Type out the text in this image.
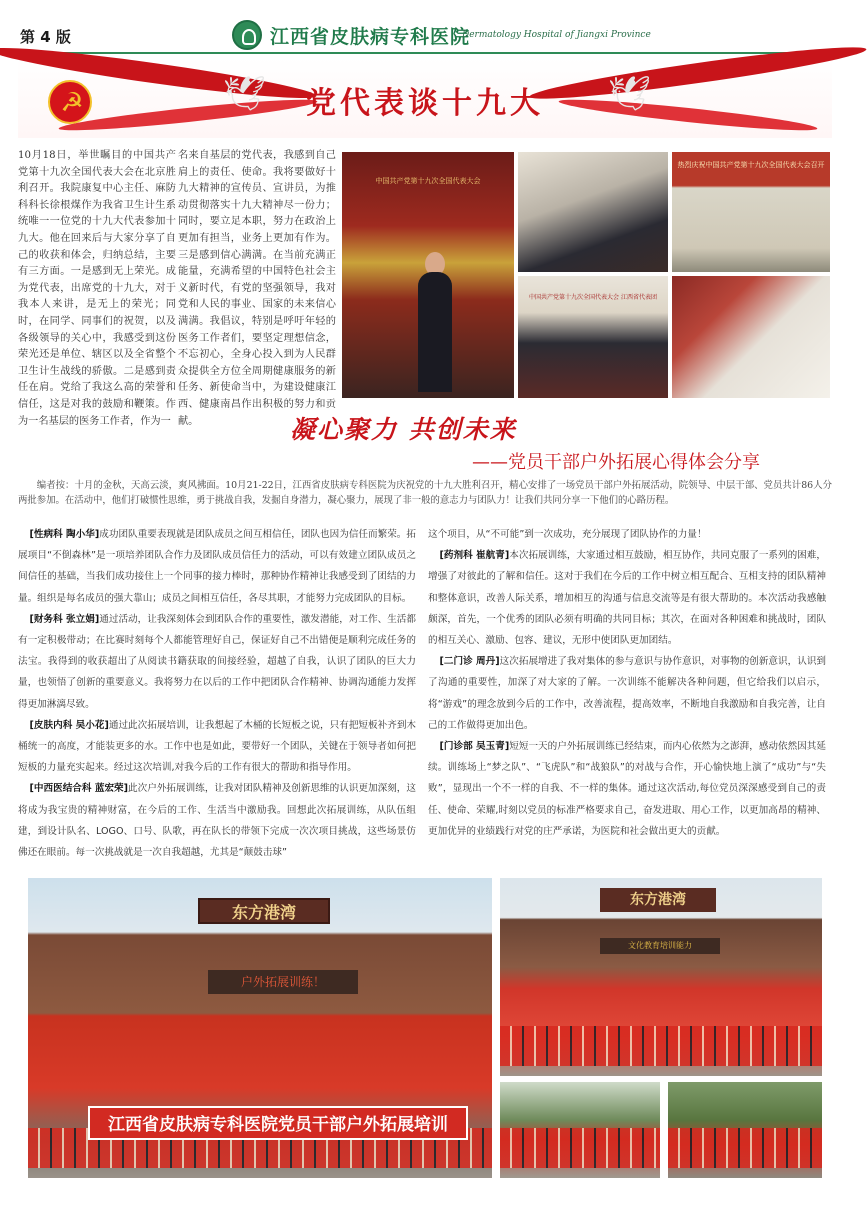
第 4 版	江西省皮肤病专科医院
Dermatology Hospital of Jiangxi Province
☭	🕊	🕊
党代表谈十九大
10月18日，举世瞩目的中国共产党第十九次全国代表大会在北京胜利召开。我院康复中心主任、麻防科科长徐根煤作为我省卫生计生系统唯一一位党的十九大代表参加十九大。他在回来后与大家分享了自己的收获和体会，归纳总结，主要有三方面。一是感到无上荣光。成为党代表，出席党的十九大，对于我本人来讲，是无上的荣光；同时，在同学、同事们的祝贺，以及各级领导的关心中，我感受到这份荣光还是单位、辖区以及全省整个卫生计生战线的骄傲。二是感到责任在肩。党给了我这么高的荣誉和信任，这是对我的鼓励和鞭策。作为一名基层的医务工作者，作为一
名来自基层的党代表，我感到自己肩上的责任、使命。我将要做好十九大精神的宣传员、宣讲员，为推动贯彻落实十九大精神尽一份力；同时，要立足本职，努力在政治上更加有担当，业务上更加有作为。三是感到信心满满。在当前充满正能量，充满希望的中国特色社会主义新时代，有党的坚强领导，我对党和人民的事业、国家的未来信心满满。我倡议，特别是呼吁年轻的医务工作者们，要坚定理想信念，不忘初心，全身心投入到为人民群众提供全方位全周期健康服务的新任务、新使命当中，为建设健康江西、健康南昌作出积极的努力和贡献。
中国共产党第十九次全国代表大会
热烈庆祝中国共产党第十九次全国代表大会召开
中国共产党第十九次全国代表大会 江西省代表团
凝心聚力 共创未来
——党员干部户外拓展心得体会分享
编者按：十月的金秋，天高云淡，爽风拂面。10月21-22日，江西省皮肤病专科医院为庆祝党的十九大胜利召开，精心安排了一场党员干部户外拓展活动，院领导、中层干部、党员共计86人分两批参加。在活动中，他们打破惯性思维，勇于挑战自我，发掘自身潜力，凝心聚力，展现了非一般的意志力与团队力！让我们共同分享一下他们的心路历程。

[性病科 陶小华]成功团队重要表现就是团队成员之间互相信任，团队也因为信任而繁荣。拓展项目“不倒森林”是一项培养团队合作力及团队成员信任力的活动，可以有效建立团队成员之间信任的基础，当我们成功接住上一个同事的接力棒时，那种协作精神让我感受到了团结的力量。组织是每名成员的强大靠山；成员之间相互信任，各尽其职，才能努力完成团队的目标。

[财务科 张立娟]通过活动，让我深刻体会到团队合作的重要性，激发潜能，对工作、生活都有一定积极带动；在比赛时刻每个人都能管理好自己，保证好自己不出错便是顺利完成任务的法宝。我得到的收获超出了从阅读书籍获取的间接经验，超越了自我，认识了团队的巨大力量，也领悟了创新的重要意义。我将努力在以后的工作中把团队合作精神、协调沟通能力发挥得更加淋漓尽致。

[皮肤内科 吴小花]通过此次拓展培训，让我想起了木桶的长短板之说，只有把短板补齐到木桶统一的高度，才能装更多的水。工作中也是如此，要带好一个团队，关键在于领导者如何把短板的力量充实起来。经过这次培训,对我今后的工作有很大的帮助和指导作用。

[中西医结合科 蓝宏荣]此次户外拓展训练，让我对团队精神及创新思维的认识更加深刻，这将成为我宝贵的精神财富，在今后的工作、生活当中激励我。回想此次拓展训练，从队伍组建，到设计队名、LOGO、口号、队歌，再在队长的带领下完成一次次项目挑战，这些场景仿佛还在眼前。每一次挑战就是一次自我超越，尤其是“颠鼓击球”

这个项目，从“不可能”到一次成功，充分展现了团队协作的力量！

[药剂科 崔航青]本次拓展训练，大家通过相互鼓励，相互协作，共同克服了一系列的困难，增强了对彼此的了解和信任。这对于我们在今后的工作中树立相互配合、互相支持的团队精神和整体意识，改善人际关系，增加相互的沟通与信息交流等是有很大帮助的。本次活动我感触颇深，首先，一个优秀的团队必须有明确的共同目标；其次，在面对各种困难和挑战时，团队的相互关心、激励、包容、建议，无形中使团队更加团结。

[二门诊 周丹]这次拓展增进了我对集体的参与意识与协作意识，对事物的创新意识，认识到了沟通的重要性，加深了对大家的了解。一次训练不能解决各种问题，但它给我们以启示，将“游戏”的理念放到今后的工作中，改善流程，提高效率，不断地自我激励和自我完善，让自己的工作做得更加出色。

[门诊部 吴玉青]短短一天的户外拓展训练已经结束，而内心依然为之澎湃，感动依然因其延续。训练场上“梦之队”、“飞虎队”和“战狼队”的对战与合作，开心愉快地上演了“成功”与“失败”，显现出一个不一样的自我、不一样的集体。通过这次活动,每位党员深深感受到自己的责任、使命、荣耀,时刻以党员的标准严格要求自己，奋发进取、用心工作，以更加高昂的精神、更加优异的业绩践行对党的庄严承诺，为医院和社会做出更大的贡献。

东方港湾
户外拓展训练！
江西省皮肤病专科医院党员干部户外拓展培训
东方港湾
文化教育培训能力
